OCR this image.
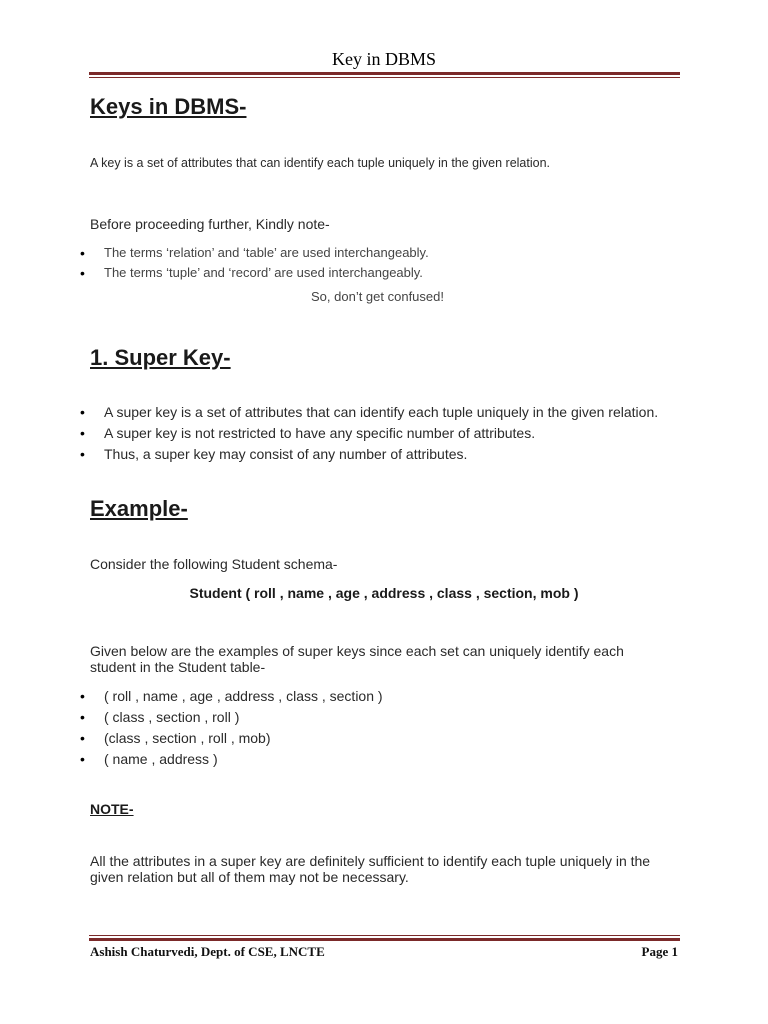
Key in DBMS
Keys in DBMS-
A key is a set of attributes that can identify each tuple uniquely in the given relation.
Before proceeding further, Kindly note-
• The terms ‘relation’ and ‘table’ are used interchangeably.
• The terms ‘tuple’ and ‘record’ are used interchangeably.
So, don’t get confused!
1. Super Key-
• A super key is a set of attributes that can identify each tuple uniquely in the given relation.
• A super key is not restricted to have any specific number of attributes.
• Thus, a super key may consist of any number of attributes.
Example-
Consider the following Student schema-
Student ( roll , name , age , address , class , section, mob )
Given below are the examples of super keys since each set can uniquely identify each student in the Student table-
• ( roll , name , age , address , class , section )
• ( class , section , roll )
• (class , section , roll , mob)
• ( name , address )
NOTE-
All the attributes in a super key are definitely sufficient to identify each tuple uniquely in the given relation but all of them may not be necessary.
Ashish Chaturvedi, Dept. of CSE, LNCTE	Page 1
